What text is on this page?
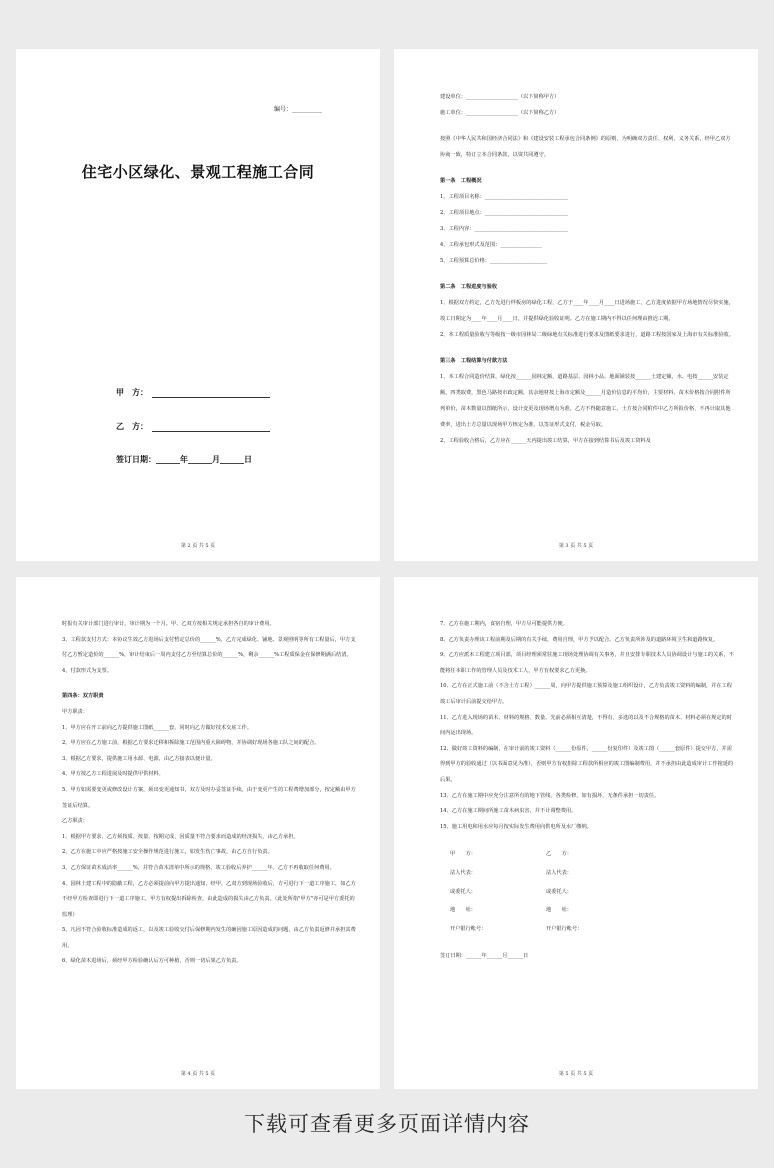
编号：__________
住宅小区绿化、景观工程施工合同
甲　方：
乙　方：
签订日期：______年______月______日
第 2 页 共 5 页

建设单位：____________________（以下简称甲方）

施工单位：____________________（以下简称乙方）

按照《中华人民共和国经济合同法》和《建设安装工程承包合同条例》的原则，为明确双方责任、权利、义务关系，经甲乙双方协商一致，特订立本合同条款，以资共同遵守。

第一条　工程概况

1、工程项目名称：________________________________

2、工程项目地点：________________________________

3、工程内容：____________________________________

4、工程承包形式及范围：________________

5、工程预算总价格：______________________

第二条　工程进度与验收

1、根据双方约定，乙方先进行样板房的绿化工程，乙方于____年____月____日进场施工，乙方进度依据甲方场地情况尽快实施，竣工日期定为____年____月____日，并提供绿化验收证明。乙方在施工期内不得以任何理由推迟工期。

2、本工程质量验收与等级按一级市园林局二级绿地有关标准进行要求及图纸要求进行，道路工程按国家及上海市有关标准验收。

第三条　工程结算与付款方法

1、本工程合同造价结算，绿化按______园林定额，道路基层、园林小品、地面铺装按______土建定额，水、电按______安装定额，四类取费，黑色马路按市政定额，其余地材按上海市定额及______月造价信息的平均价，主要材料、苗木价格按合同附件所列单价，苗木数量以图纸所示，设计变更及现场增点为准，乙方不得随意施工，土方按合同附件中乙方所报价格，不再计取其他费率，进出土方总量以现场甲方核定为准，以签证形式支付，税金另取。

2、工程验收合格后，乙方应在______天内提出竣工结算，甲方在接到结算书后及竣工资料及

第 3 页 共 5 页

时报有关审计部门进行审计，审计期为一个月。甲、乙双方按相关规定承担各自的审计费用。

3、工程款支付方式：本协议生效乙方进场后支付暂定总价的______%，乙方完成绿化、铺地、景观照明等所有工程量后，甲方支付乙方暂定造价的______%，审计结束后一周内支付乙方至结算总价的______%，剩余______%工程质保金在保修期满后结清。

4、付款形式为支票。

第四条：双方职责

甲方职责：

1、甲方应在开工前向乙方提供施工图纸______套，同时向乙方做好技术交底工作。

2、甲方应在乙方施工前，根据乙方要求迁移和拆除施工范围内重大障碍物，并协调好现场各施工队之间的配合。

3、根据乙方要求，提供施工用水源、电源，由乙方接表以便计量。

4、甲方按乙方工程进展及时提供甲供材料。

5、甲方如需要变更或修改设计方案，须出变更通知书，双方及时办妥签证手续。由于变更产生的工程费增加部分，按定额由甲方签证后结算。

乙方职责：

1、根据甲方要求，乙方须按质、按量、按期完成，因质量不符合要求而造成的经济损失，由乙方承担。

2、乙方在施工中应严格按施工安全操作规范进行施工，如发生伤亡事故，由乙方自行负责。

3、乙方保证苗木成活率______%，并符合苗木清单中所示的规格，竣工验收后养护______年。乙方不再收取任何费用。

4、园林土建工程中的隐蔽工程，乙方必须提前向甲方提出通知，经甲、乙双方到现场验收后，方可进行下一道工序施工，如乙方不经甲方检查即进行下一道工序施工，甲方有权提出拆除检查，由此造成的损失由乙方负责。（此处所指"甲方"亦可是甲方委托的监理）

5、凡因不符合验收标准造成的返工，以及竣工验收交付后保修期内发生的确因施工原因造成的问题，由乙方负责返修并承担其费用。

6、绿化苗木进场后，须经甲方检验确认后方可种植，否则一切后果乙方负责。

第 4 页 共 5 页

7、乙方在施工期内，食宿自理，甲方尽可能提供方便。

8、乙方负责办理该工程前期及后期的有关手续，费用自理，甲方予以配合。乙方负责所涉及的道路环境卫生和道路恢复。

9、乙方应派本工程建立项目部，项目经理须常驻施工现场处理协调有关事务，并且安排专职技术人员协调设计与施工的关系，不能将任本职工作的管理人员及技术工人，甲方有权要求乙方更换。

10、乙方在正式施工前（不含土方工程）______周，向甲方提供施工预算及施工组织设计，乙方负责竣工资料的编制，并在工程竣工后审计后前提交给甲方。

11、乙方进入现场的苗木、材料的规格、数量、先前必须相互清楚，不得有、多选的以及不合规格的苗木、材料必须在规定的时间内运出现场。

12、做好竣工资料的编制，在审计前的竣工资料（______份原件，______份复印件）及竣工图（______套原件）提交甲方，并需得到甲方的验收通过（以书面意见为准），否则甲方有权拒除工程款所相应的竣工图编制费用，并不承担由此造成审计工作拖延的后果。

13、乙方在施工期中应充分注意所有的地下管线、各类检修，如有损坏，无条件承担一切责任。

14、乙方在施工期间所施工苗木病虫害，并不计调整费用。

15、施工用电和用水应每月按实际发生费用向供电所及水厂缴纳。

甲　　方：	乙　　方：
法人代表：	法人代表：
或委托人：	或委托人：
地　　址：	地　　址：
开户银行帐号：	开户银行帐号：

签订日期：______年______月______日

第 5 页 共 5 页
下载可查看更多页面详情内容
